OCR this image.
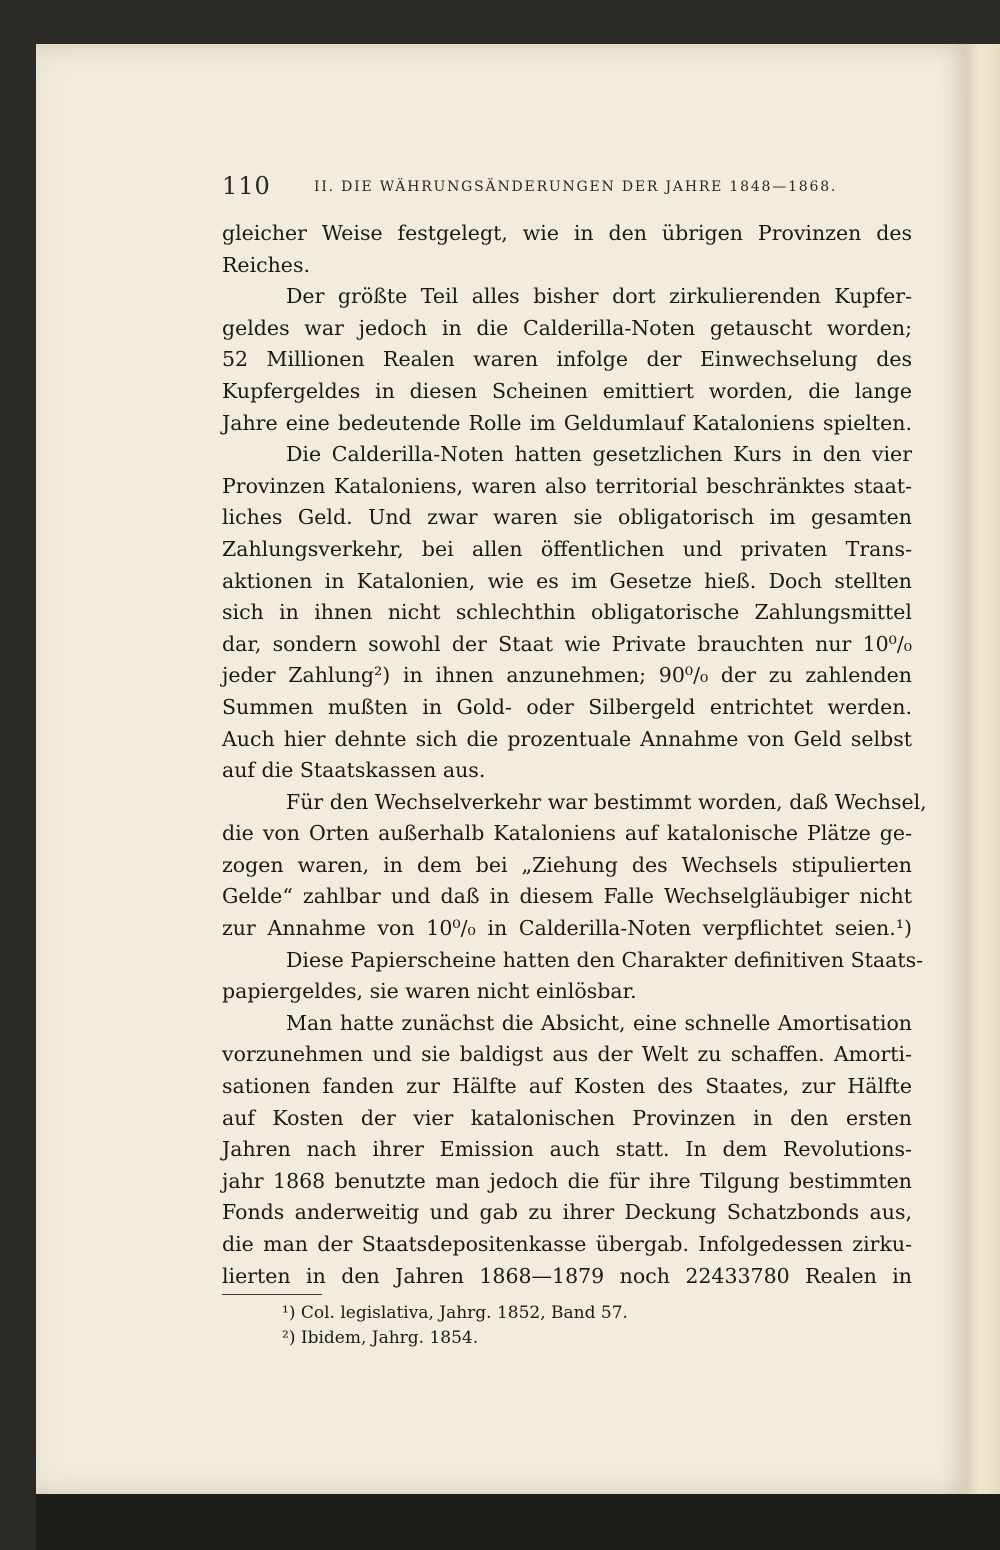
110	II. DIE WÄHRUNGSÄNDERUNGEN DER JAHRE 1848—1868.
gleicher Weise festgelegt, wie in den übrigen Provinzen des
Reiches.
Der größte Teil alles bisher dort zirkulierenden Kupfer-
geldes war jedoch in die Calderilla-Noten getauscht worden;
52 Millionen Realen waren infolge der Einwechselung des
Kupfergeldes in diesen Scheinen emittiert worden, die lange
Jahre eine bedeutende Rolle im Geldumlauf Kataloniens spielten.
Die Calderilla-Noten hatten gesetzlichen Kurs in den vier
Provinzen Kataloniens, waren also territorial beschränktes staat-
liches Geld. Und zwar waren sie obligatorisch im gesamten
Zahlungsverkehr, bei allen öffentlichen und privaten Trans-
aktionen in Katalonien, wie es im Gesetze hieß. Doch stellten
sich in ihnen nicht schlechthin obligatorische Zahlungsmittel
dar, sondern sowohl der Staat wie Private brauchten nur 10⁰/₀
jeder Zahlung²) in ihnen anzunehmen; 90⁰/₀ der zu zahlenden
Summen mußten in Gold- oder Silbergeld entrichtet werden.
Auch hier dehnte sich die prozentuale Annahme von Geld selbst
auf die Staatskassen aus.
Für den Wechselverkehr war bestimmt worden, daß Wechsel,
die von Orten außerhalb Kataloniens auf katalonische Plätze ge-
zogen waren, in dem bei „Ziehung des Wechsels stipulierten
Gelde“ zahlbar und daß in diesem Falle Wechselgläubiger nicht
zur Annahme von 10⁰/₀ in Calderilla-Noten verpflichtet seien.¹)
Diese Papierscheine hatten den Charakter definitiven Staats-
papiergeldes, sie waren nicht einlösbar.
Man hatte zunächst die Absicht, eine schnelle Amortisation
vorzunehmen und sie baldigst aus der Welt zu schaffen. Amorti-
sationen fanden zur Hälfte auf Kosten des Staates, zur Hälfte
auf Kosten der vier katalonischen Provinzen in den ersten
Jahren nach ihrer Emission auch statt. In dem Revolutions-
jahr 1868 benutzte man jedoch die für ihre Tilgung bestimmten
Fonds anderweitig und gab zu ihrer Deckung Schatzbonds aus,
die man der Staatsdepositenkasse übergab. Infolgedessen zirku-
lierten in den Jahren 1868—1879 noch 22433780 Realen in
¹) Col. legislativa, Jahrg. 1852, Band 57.
²) Ibidem, Jahrg. 1854.
